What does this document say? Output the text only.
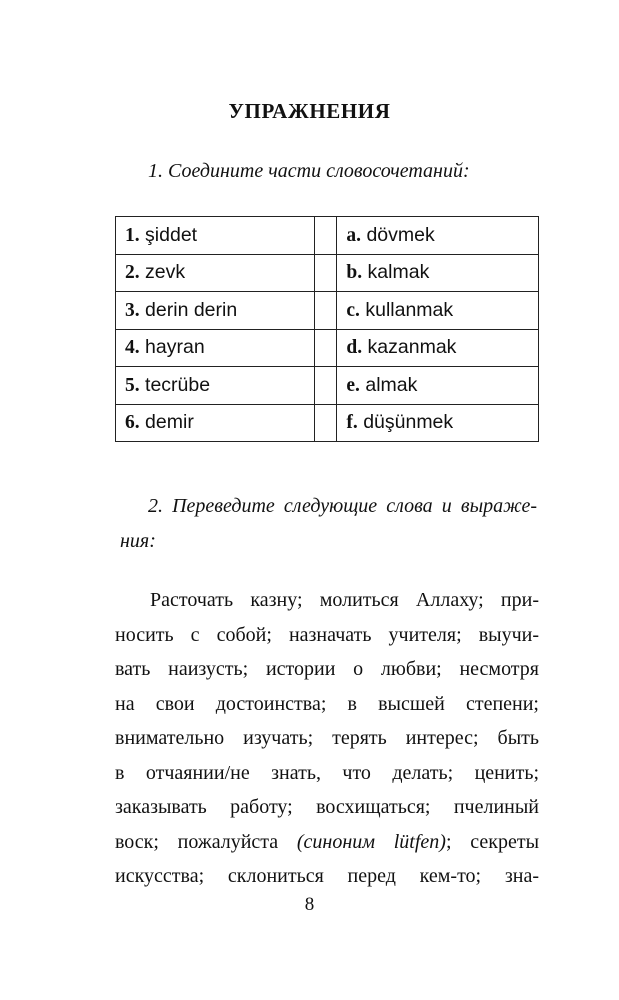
УПРАЖНЕНИЯ
1. Соедините части словосочетаний:
1. şiddet		a. dövmek
2. zevk		b. kalmak
3. derin derin		c. kullanmak
4. hayran		d. kazanmak
5. tecrübe		e. almak
6. demir		f. düşünmek
2. Переведите следующие слова и выраже-
ния:
Расточать казну; молиться Аллаху; при-
носить с собой; назначать учителя; выучи-
вать наизусть; истории о любви; несмотря
на свои достоинства; в высшей степени;
внимательно изучать; терять интерес; быть
в отчаянии/не знать, что делать; ценить;
заказывать работу; восхищаться; пчелиный
воск; пожалуйста (синоним lütfen); секреты
искусства; склониться перед кем-то; зна-
8
